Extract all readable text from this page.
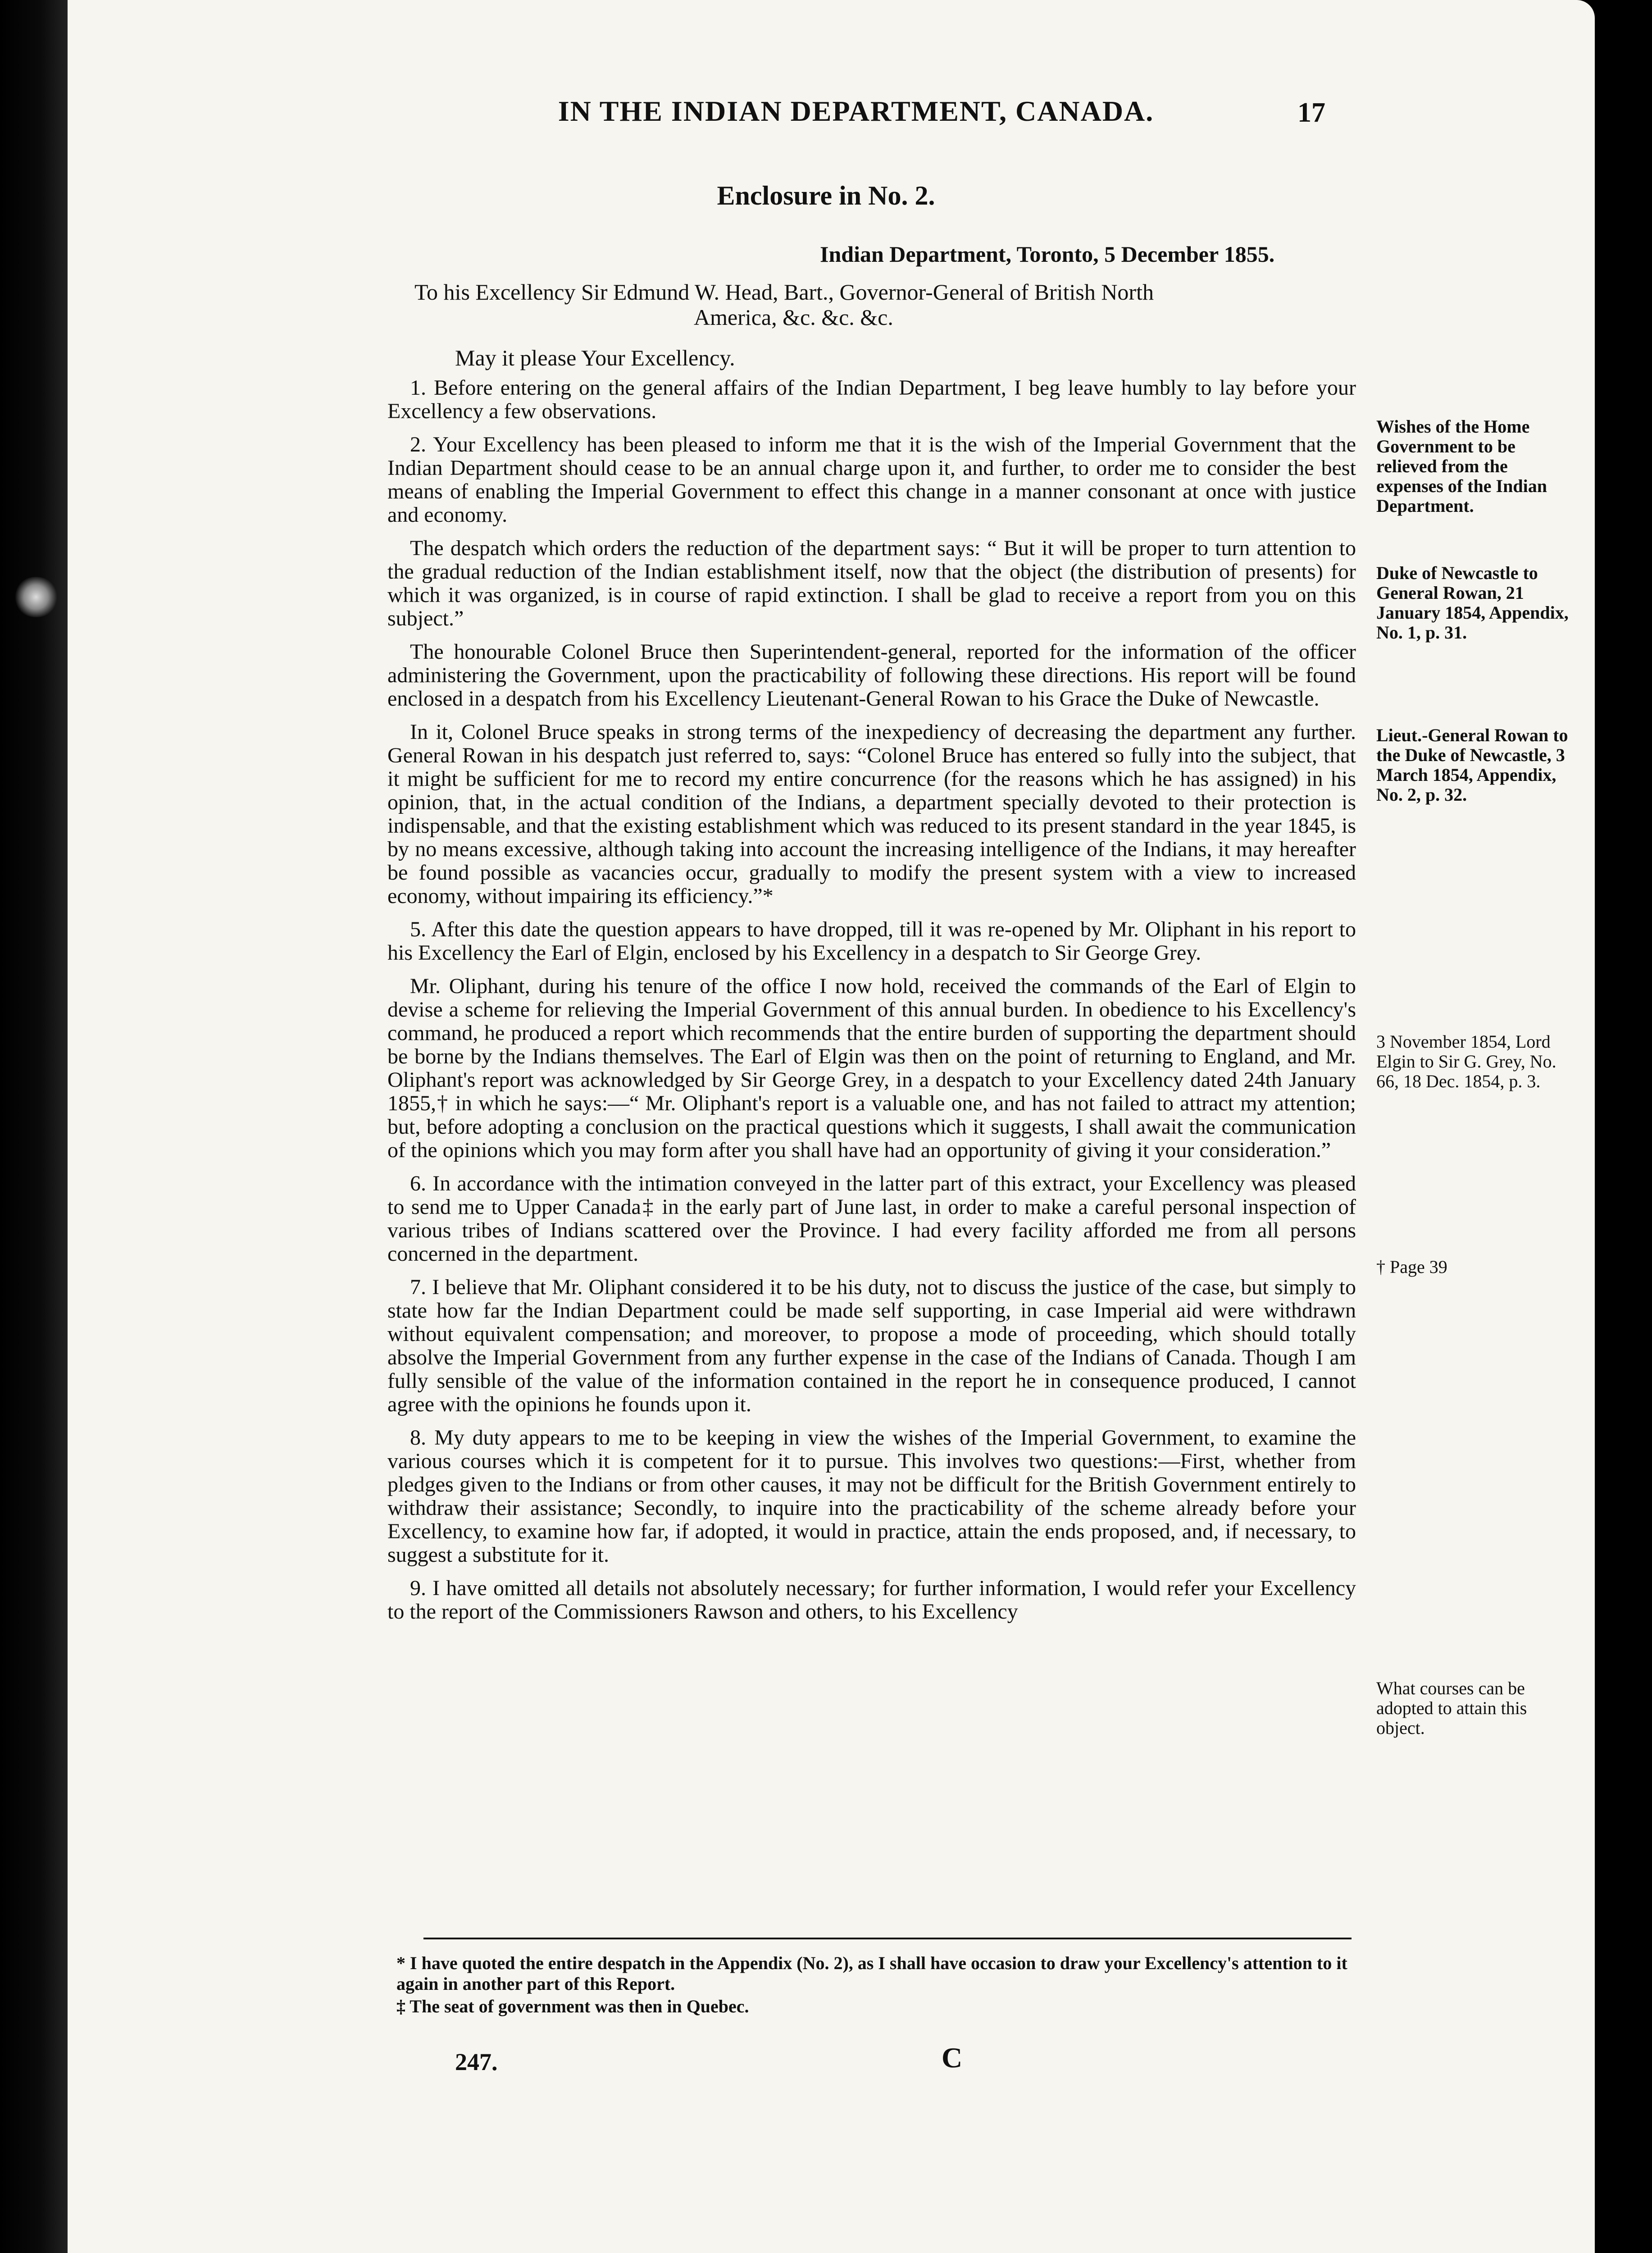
IN THE INDIAN DEPARTMENT, CANADA.	17
Enclosure in No. 2.
Indian Department, Toronto, 5 December 1855.
To his Excellency Sir Edmund W. Head, Bart., Governor-General of British North
America, &c. &c. &c.
May it please Your Excellency.

1. Before entering on the general affairs of the Indian Department, I beg leave humbly to lay before your Excellency a few observations.

2. Your Excellency has been pleased to inform me that it is the wish of the Imperial Government that the Indian Department should cease to be an annual charge upon it, and further, to order me to consider the best means of enabling the Imperial Government to effect this change in a manner consonant at once with justice and economy.

The despatch which orders the reduction of the department says: “ But it will be proper to turn attention to the gradual reduction of the Indian establishment itself, now that the object (the distribution of presents) for which it was organized, is in course of rapid extinction. I shall be glad to receive a report from you on this subject.”

The honourable Colonel Bruce then Superintendent-general, reported for the information of the officer administering the Government, upon the practicability of following these directions. His report will be found enclosed in a despatch from his Excellency Lieutenant-General Rowan to his Grace the Duke of Newcastle.

In it, Colonel Bruce speaks in strong terms of the inexpediency of decreasing the department any further. General Rowan in his despatch just referred to, says: “Colonel Bruce has entered so fully into the subject, that it might be sufficient for me to record my entire concurrence (for the reasons which he has assigned) in his opinion, that, in the actual condition of the Indians, a department specially devoted to their protection is indispensable, and that the existing establishment which was reduced to its present standard in the year 1845, is by no means excessive, although taking into account the increasing intelligence of the Indians, it may hereafter be found possible as vacancies occur, gradually to modify the present system with a view to increased economy, without impairing its efficiency.”*

5. After this date the question appears to have dropped, till it was re-opened by Mr. Oliphant in his report to his Excellency the Earl of Elgin, enclosed by his Excellency in a despatch to Sir George Grey.

Mr. Oliphant, during his tenure of the office I now hold, received the commands of the Earl of Elgin to devise a scheme for relieving the Imperial Government of this annual burden. In obedience to his Excellency's command, he produced a report which recommends that the entire burden of supporting the department should be borne by the Indians themselves. The Earl of Elgin was then on the point of returning to England, and Mr. Oliphant's report was acknowledged by Sir George Grey, in a despatch to your Excellency dated 24th January 1855,† in which he says:—“ Mr. Oliphant's report is a valuable one, and has not failed to attract my attention; but, before adopting a conclusion on the practical questions which it suggests, I shall await the communication of the opinions which you may form after you shall have had an opportunity of giving it your consideration.”

6. In accordance with the intimation conveyed in the latter part of this extract, your Excellency was pleased to send me to Upper Canada‡ in the early part of June last, in order to make a careful personal inspection of various tribes of Indians scattered over the Province. I had every facility afforded me from all persons concerned in the department.

7. I believe that Mr. Oliphant considered it to be his duty, not to discuss the justice of the case, but simply to state how far the Indian Department could be made self supporting, in case Imperial aid were withdrawn without equivalent compensation; and moreover, to propose a mode of proceeding, which should totally absolve the Imperial Government from any further expense in the case of the Indians of Canada. Though I am fully sensible of the value of the information contained in the report he in consequence produced, I cannot agree with the opinions he founds upon it.

8. My duty appears to me to be keeping in view the wishes of the Imperial Government, to examine the various courses which it is competent for it to pursue. This involves two questions:—First, whether from pledges given to the Indians or from other causes, it may not be difficult for the British Government entirely to withdraw their assistance; Secondly, to inquire into the practicability of the scheme already before your Excellency, to examine how far, if adopted, it would in practice, attain the ends proposed, and, if necessary, to suggest a substitute for it.

9. I have omitted all details not absolutely necessary; for further information, I would refer your Excellency to the report of the Commissioners Rawson and others, to his Excellency

Wishes of the Home Government to be relieved from the expenses of the Indian Department.
Duke of Newcastle to General Rowan, 21 January 1854, Appendix, No. 1, p. 31.
Lieut.-General Rowan to the Duke of Newcastle, 3 March 1854, Appendix, No. 2, p. 32.
3 November 1854, Lord Elgin to Sir G. Grey, No. 66, 18 Dec. 1854, p. 3.
† Page 39
What courses can be adopted to attain this object.

* I have quoted the entire despatch in the Appendix (No. 2), as I shall have occasion to draw your Excellency's attention to it again in another part of this Report.

‡ The seat of government was then in Quebec.

247.	C
